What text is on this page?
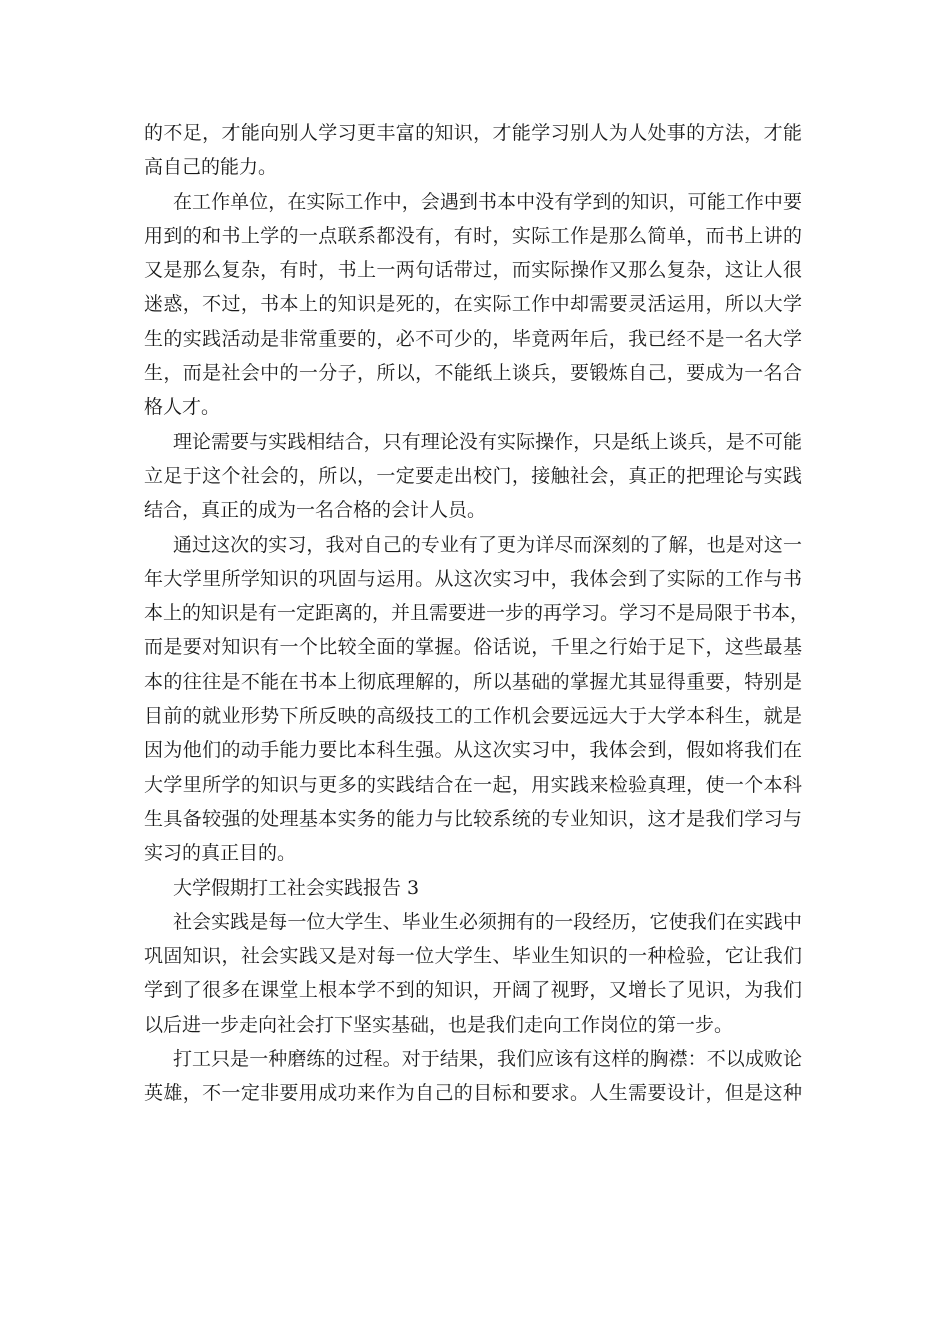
的不足，才能向别人学习更丰富的知识，才能学习别人为人处事的方法，才能
高自己的能力。
在工作单位，在实际工作中，会遇到书本中没有学到的知识，可能工作中要
用到的和书上学的一点联系都没有，有时，实际工作是那么简单，而书上讲的
又是那么复杂，有时，书上一两句话带过，而实际操作又那么复杂，这让人很
迷惑，不过，书本上的知识是死的，在实际工作中却需要灵活运用，所以大学
生的实践活动是非常重要的，必不可少的，毕竟两年后，我已经不是一名大学
生，而是社会中的一分子，所以，不能纸上谈兵，要锻炼自己，要成为一名合
格人才。
理论需要与实践相结合，只有理论没有实际操作，只是纸上谈兵，是不可能
立足于这个社会的，所以，一定要走出校门，接触社会，真正的把理论与实践
结合，真正的成为一名合格的会计人员。
通过这次的实习，我对自己的专业有了更为详尽而深刻的了解，也是对这一
年大学里所学知识的巩固与运用。从这次实习中，我体会到了实际的工作与书
本上的知识是有一定距离的，并且需要进一步的再学习。学习不是局限于书本，
而是要对知识有一个比较全面的掌握。俗话说，千里之行始于足下，这些最基
本的往往是不能在书本上彻底理解的，所以基础的掌握尤其显得重要，特别是
目前的就业形势下所反映的高级技工的工作机会要远远大于大学本科生，就是
因为他们的动手能力要比本科生强。从这次实习中，我体会到，假如将我们在
大学里所学的知识与更多的实践结合在一起，用实践来检验真理，使一个本科
生具备较强的处理基本实务的能力与比较系统的专业知识，这才是我们学习与
实习的真正目的。
大学假期打工社会实践报告 3
社会实践是每一位大学生、毕业生必须拥有的一段经历，它使我们在实践中
巩固知识，社会实践又是对每一位大学生、毕业生知识的一种检验，它让我们
学到了很多在课堂上根本学不到的知识，开阔了视野，又增长了见识，为我们
以后进一步走向社会打下坚实基础，也是我们走向工作岗位的第一步。
打工只是一种磨练的过程。对于结果，我们应该有这样的胸襟：不以成败论
英雄，不一定非要用成功来作为自己的目标和要求。人生需要设计，但是这种
